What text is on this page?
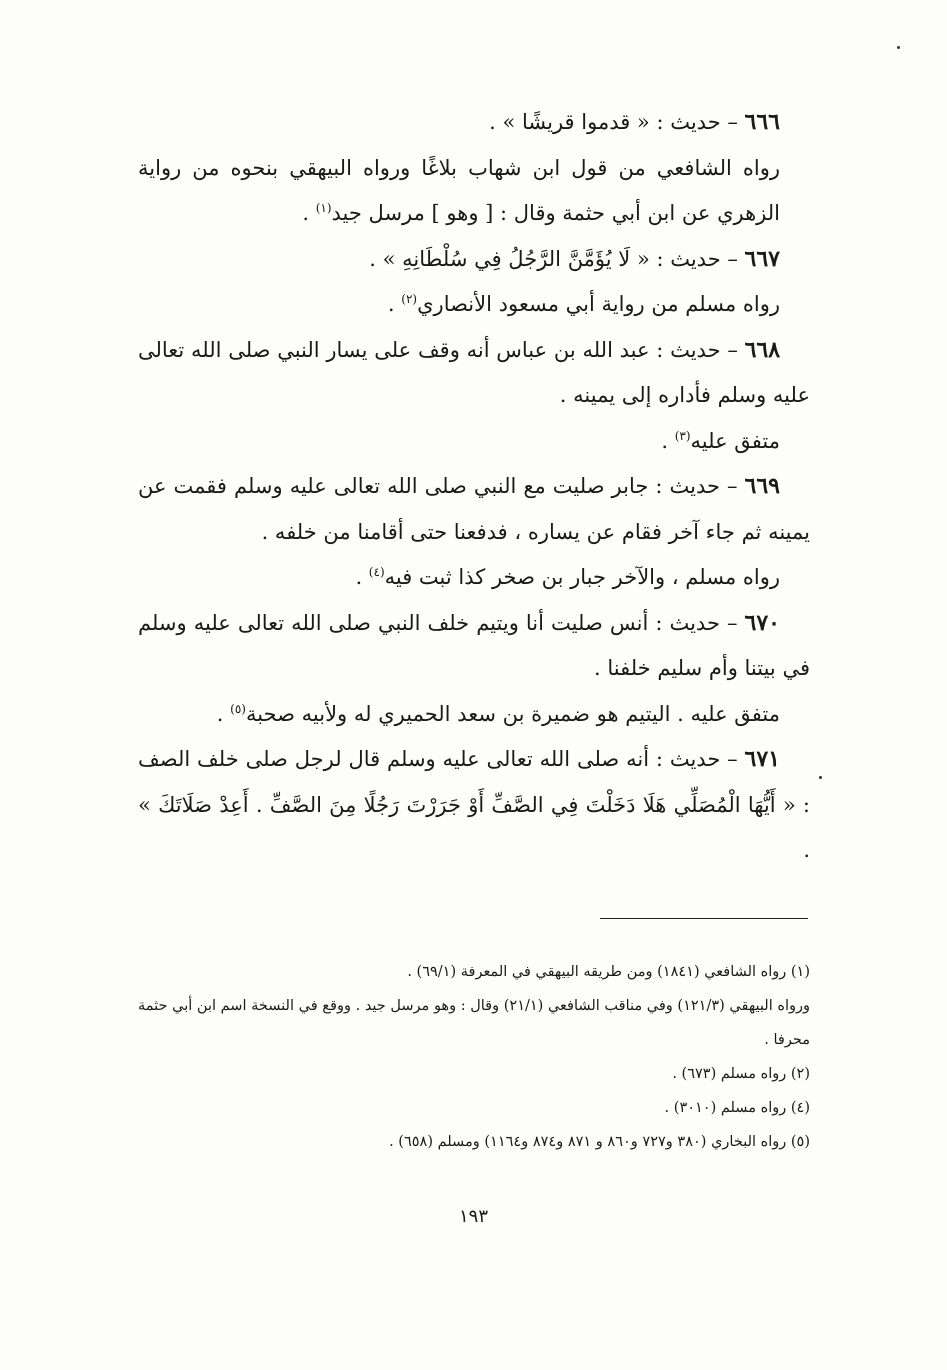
٦٦٦ – حديث : « قدموا قريشًا » .

رواه الشافعي من قول ابن شهاب بلاغًا ورواه البيهقي بنحوه من رواية الزهري عن ابن أبي حثمة وقال : [ وهو ] مرسل جيد$^{(١)}$ .

٦٦٧ – حديث : « لَا يُؤَمَّنَّ الرَّجُلُ فِي سُلْطَانِهِ » .

رواه مسلم من رواية أبي مسعود الأنصاري$^{(٢)}$ .

٦٦٨ – حديث : عبد الله بن عباس أنه وقف على يسار النبي صلى الله تعالى عليه وسلم فأداره إلى يمينه .

متفق عليه$^{(٣)}$ .

٦٦٩ – حديث : جابر صليت مع النبي صلى الله تعالى عليه وسلم فقمت عن يمينه ثم جاء آخر فقام عن يساره ، فدفعنا حتى أقامنا من خلفه .

رواه مسلم ، والآخر جبار بن صخر كذا ثبت فيه$^{(٤)}$ .

٦٧٠ – حديث : أنس صليت أنا ويتيم خلف النبي صلى الله تعالى عليه وسلم في بيتنا وأم سليم خلفنا .

متفق عليه . اليتيم هو ضميرة بن سعد الحميري له ولأبيه صحبة$^{(٥)}$ .

٦٧١ – حديث : أنه صلى الله تعالى عليه وسلم قال لرجل صلى خلف الصف : « أَيُّهَا الْمُصَلِّي هَلَا دَخَلْتَ فِي الصَّفِّ أَوْ جَرَرْتَ رَجُلًا مِنَ الصَّفِّ . أَعِدْ صَلَاتَكَ » .

(١) رواه الشافعي (١٨٤١) ومن طريقه البيهقي في المعرفة (٦٩/١) .

ورواه البيهقي (١٢١/٣) وفي مناقب الشافعي (٢١/١) وقال : وهو مرسل جيد . ووقع في النسخة اسم ابن أبي حثمة محرفا .

(٢) رواه مسلم (٦٧٣) .

(٤) رواه مسلم (٣٠١٠) .

(٥) رواه البخاري (٣٨٠ و٧٢٧ و٨٦٠ و ٨٧١ و٨٧٤ و١١٦٤) ومسلم (٦٥٨) .

١٩٣
